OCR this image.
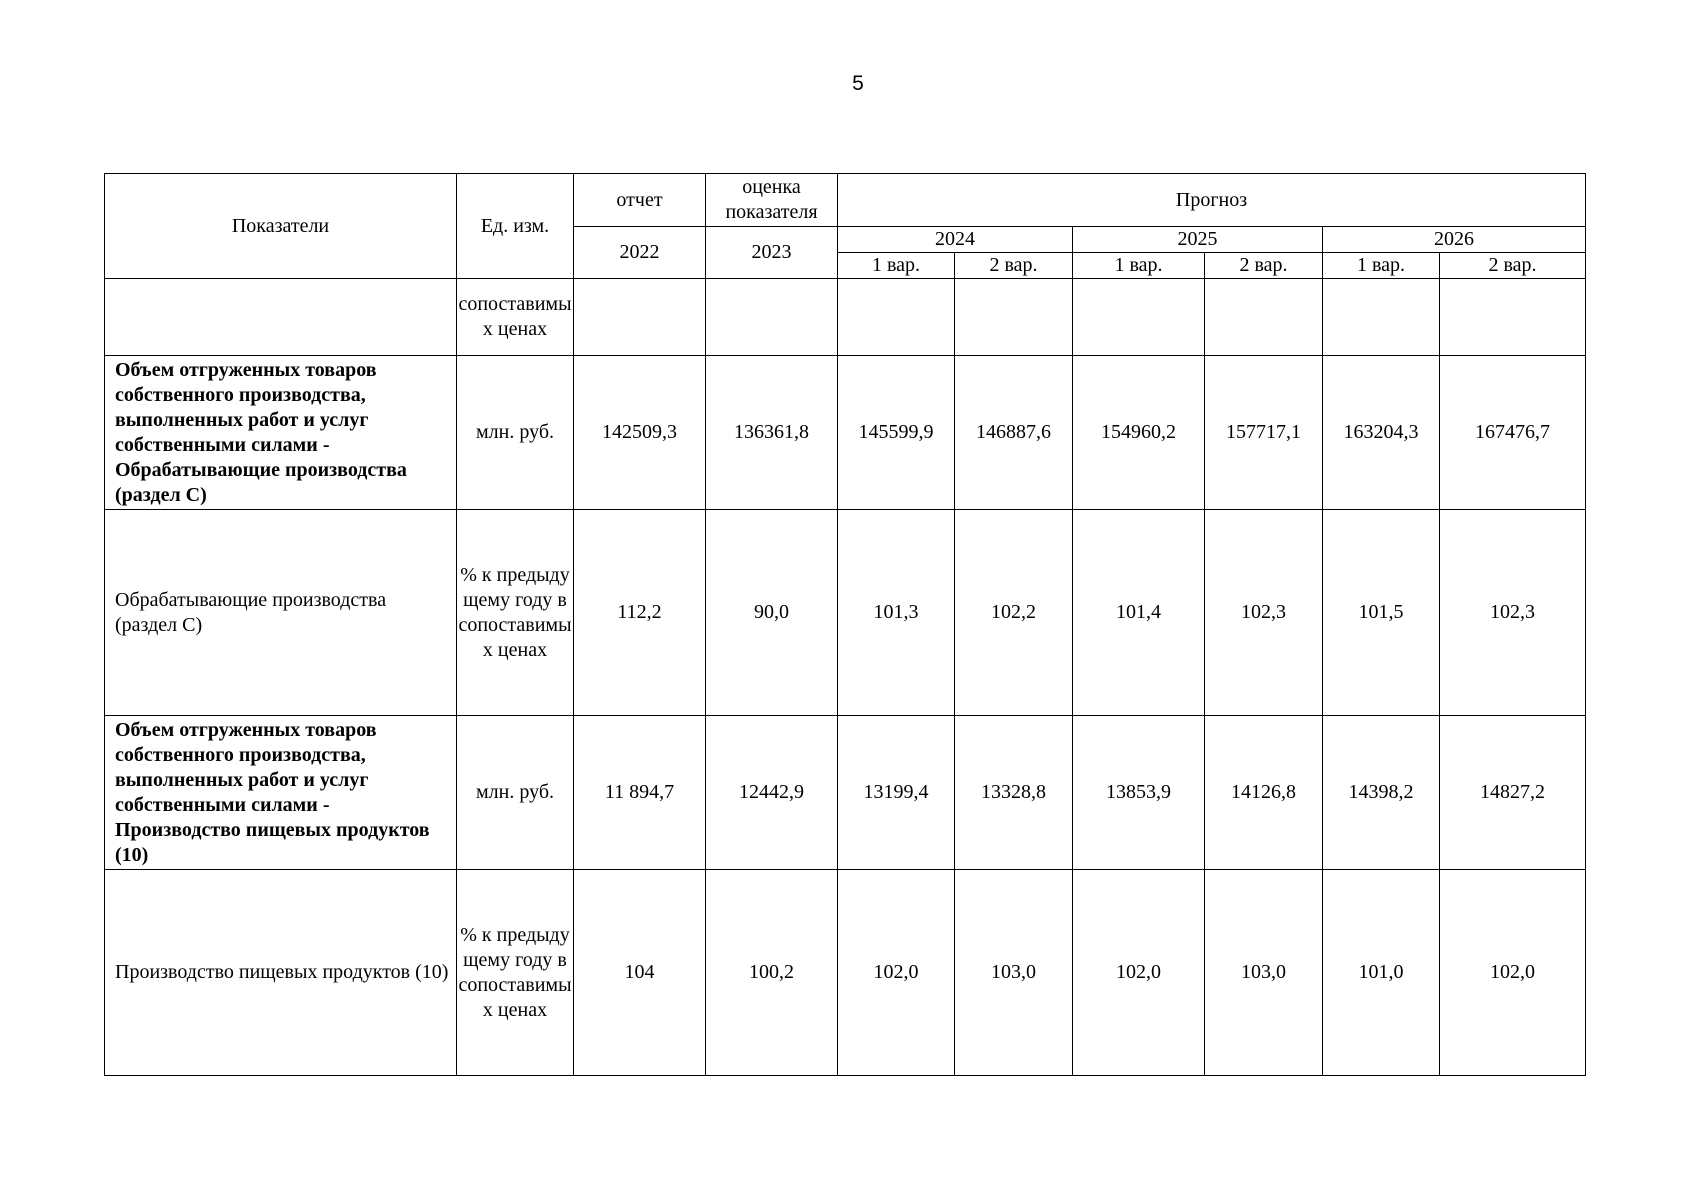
5
Показатели	Ед. изм.	отчет	оценка показателя	Прогноз					
		2022	2023	2024		2025		2026	
				1 вар.	2 вар.	1 вар.	2 вар.	1 вар.	2 вар.
	сопоставимых ценах								
Объем отгруженных товаров собственного производства, выполненных работ и услуг собственными силами - Обрабатывающие производства (раздел С)	млн. руб.	142509,3	136361,8	145599,9	146887,6	154960,2	157717,1	163204,3	167476,7
Обрабатывающие производства (раздел С)	% к предыдущему году в сопоставимых ценах	112,2	90,0	101,3	102,2	101,4	102,3	101,5	102,3
Объем отгруженных товаров собственного производства, выполненных работ и услуг собственными силами - Производство пищевых продуктов (10)	млн. руб.	11 894,7	12442,9	13199,4	13328,8	13853,9	14126,8	14398,2	14827,2
Производство пищевых продуктов (10)	% к предыдущему году в сопоставимых ценах	104	100,2	102,0	103,0	102,0	103,0	101,0	102,0
